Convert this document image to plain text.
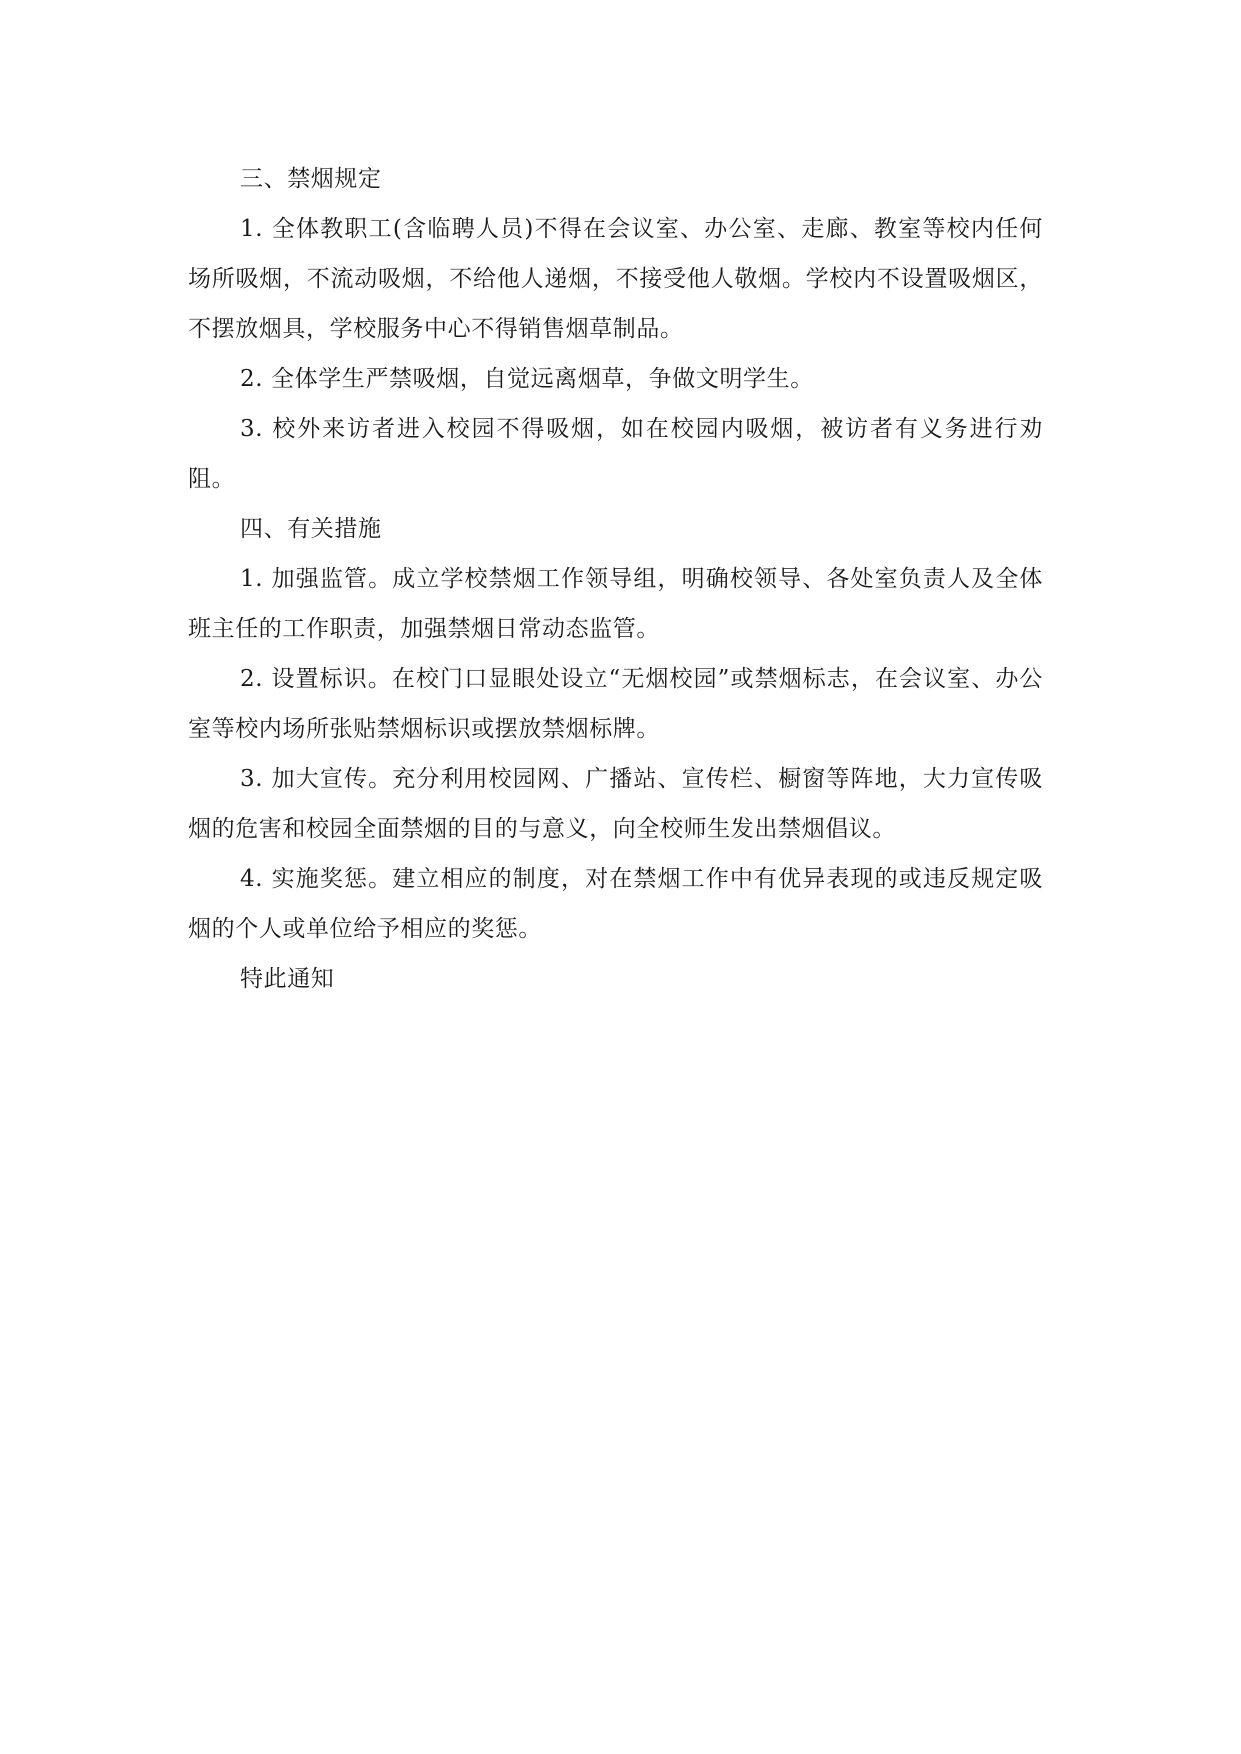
三、禁烟规定

1. 全体教职工(含临聘人员)不得在会议室、办公室、走廊、教室等校内任何场所吸烟，不流动吸烟，不给他人递烟，不接受他人敬烟。学校内不设置吸烟区，不摆放烟具，学校服务中心不得销售烟草制品。

2. 全体学生严禁吸烟，自觉远离烟草，争做文明学生。

3. 校外来访者进入校园不得吸烟，如在校园内吸烟，被访者有义务进行劝阻。

四、有关措施

1. 加强监管。成立学校禁烟工作领导组，明确校领导、各处室负责人及全体班主任的工作职责，加强禁烟日常动态监管。

2. 设置标识。在校门口显眼处设立“无烟校园”或禁烟标志，在会议室、办公室等校内场所张贴禁烟标识或摆放禁烟标牌。

3. 加大宣传。充分利用校园网、广播站、宣传栏、橱窗等阵地，大力宣传吸烟的危害和校园全面禁烟的目的与意义，向全校师生发出禁烟倡议。

4. 实施奖惩。建立相应的制度，对在禁烟工作中有优异表现的或违反规定吸烟的个人或单位给予相应的奖惩。

特此通知
